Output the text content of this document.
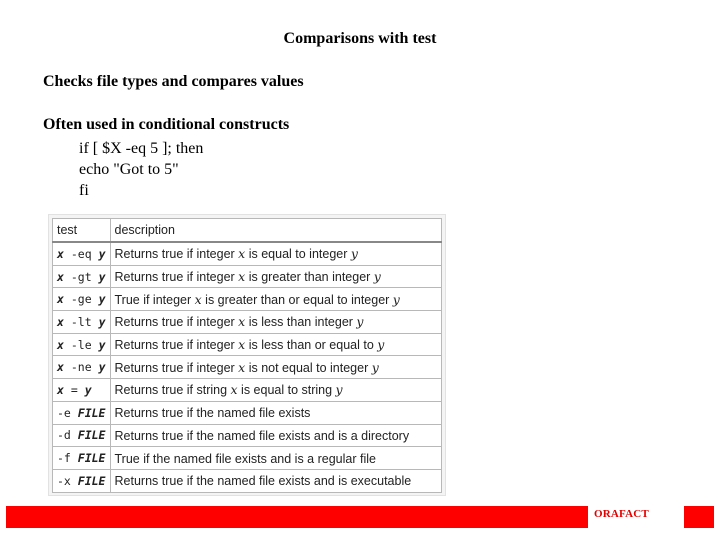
Comparisons with test
Checks file types and compares values
Often used in conditional constructs
if [ $X -eq 5 ]; then
echo "Got to 5"
fi
test	description
x -eq y	Returns true if integer x is equal to integer y
x -gt y	Returns true if integer x is greater than integer y
x -ge y	True if integer x is greater than or equal to integer y
x -lt y	Returns true if integer x is less than integer y
x -le y	Returns true if integer x is less than or equal to y
x -ne y	Returns true if integer x is not equal to integer y
x = y	Returns true if string x is equal to string y
-e FILE	Returns true if the named file exists
-d FILE	Returns true if the named file exists and is a directory
-f FILE	True if the named file exists and is a regular file
-x FILE	Returns true if the named file exists and is executable
ORAFACT
